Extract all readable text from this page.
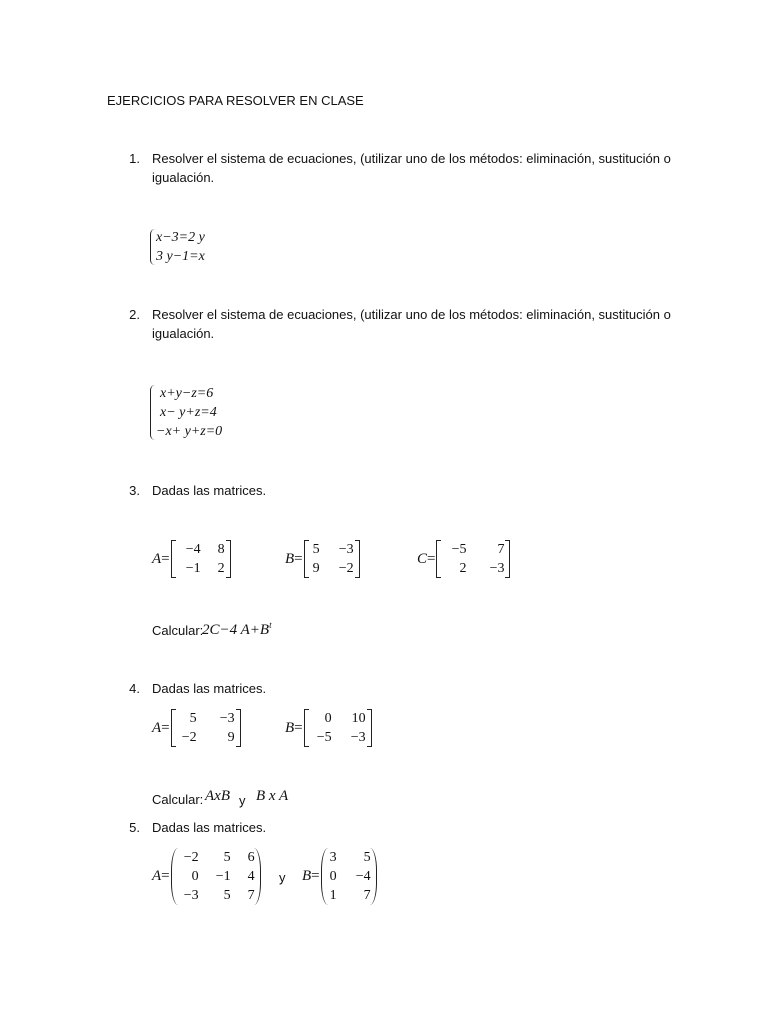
EJERCICIOS PARA RESOLVER EN CLASE
1. Resolver el sistema de ecuaciones, (utilizar uno de los métodos: eliminación, sustitución o
igualación.
x−3=2 y
3 y−1=x
2. Resolver el sistema de ecuaciones, (utilizar uno de los métodos: eliminación, sustitución o
igualación.
x+y−z=6
x− y+z=4
−x+ y+z=0
3. Dadas las matrices.
A=
−4	8
−1	2
B=
5	−3
9	−2
C=
−5	7
2	−3
Calcular:
2C−4 $A+B^t$
4. Dadas las matrices.
A=
5	−3
−2	9
B=
0	10
−5	−3
Calcular: AxB y B x A
5. Dadas las matrices.
A=
−2	5	6
0	−1	4
−3	5	7
y B=
3	5
0	−4
1	7
